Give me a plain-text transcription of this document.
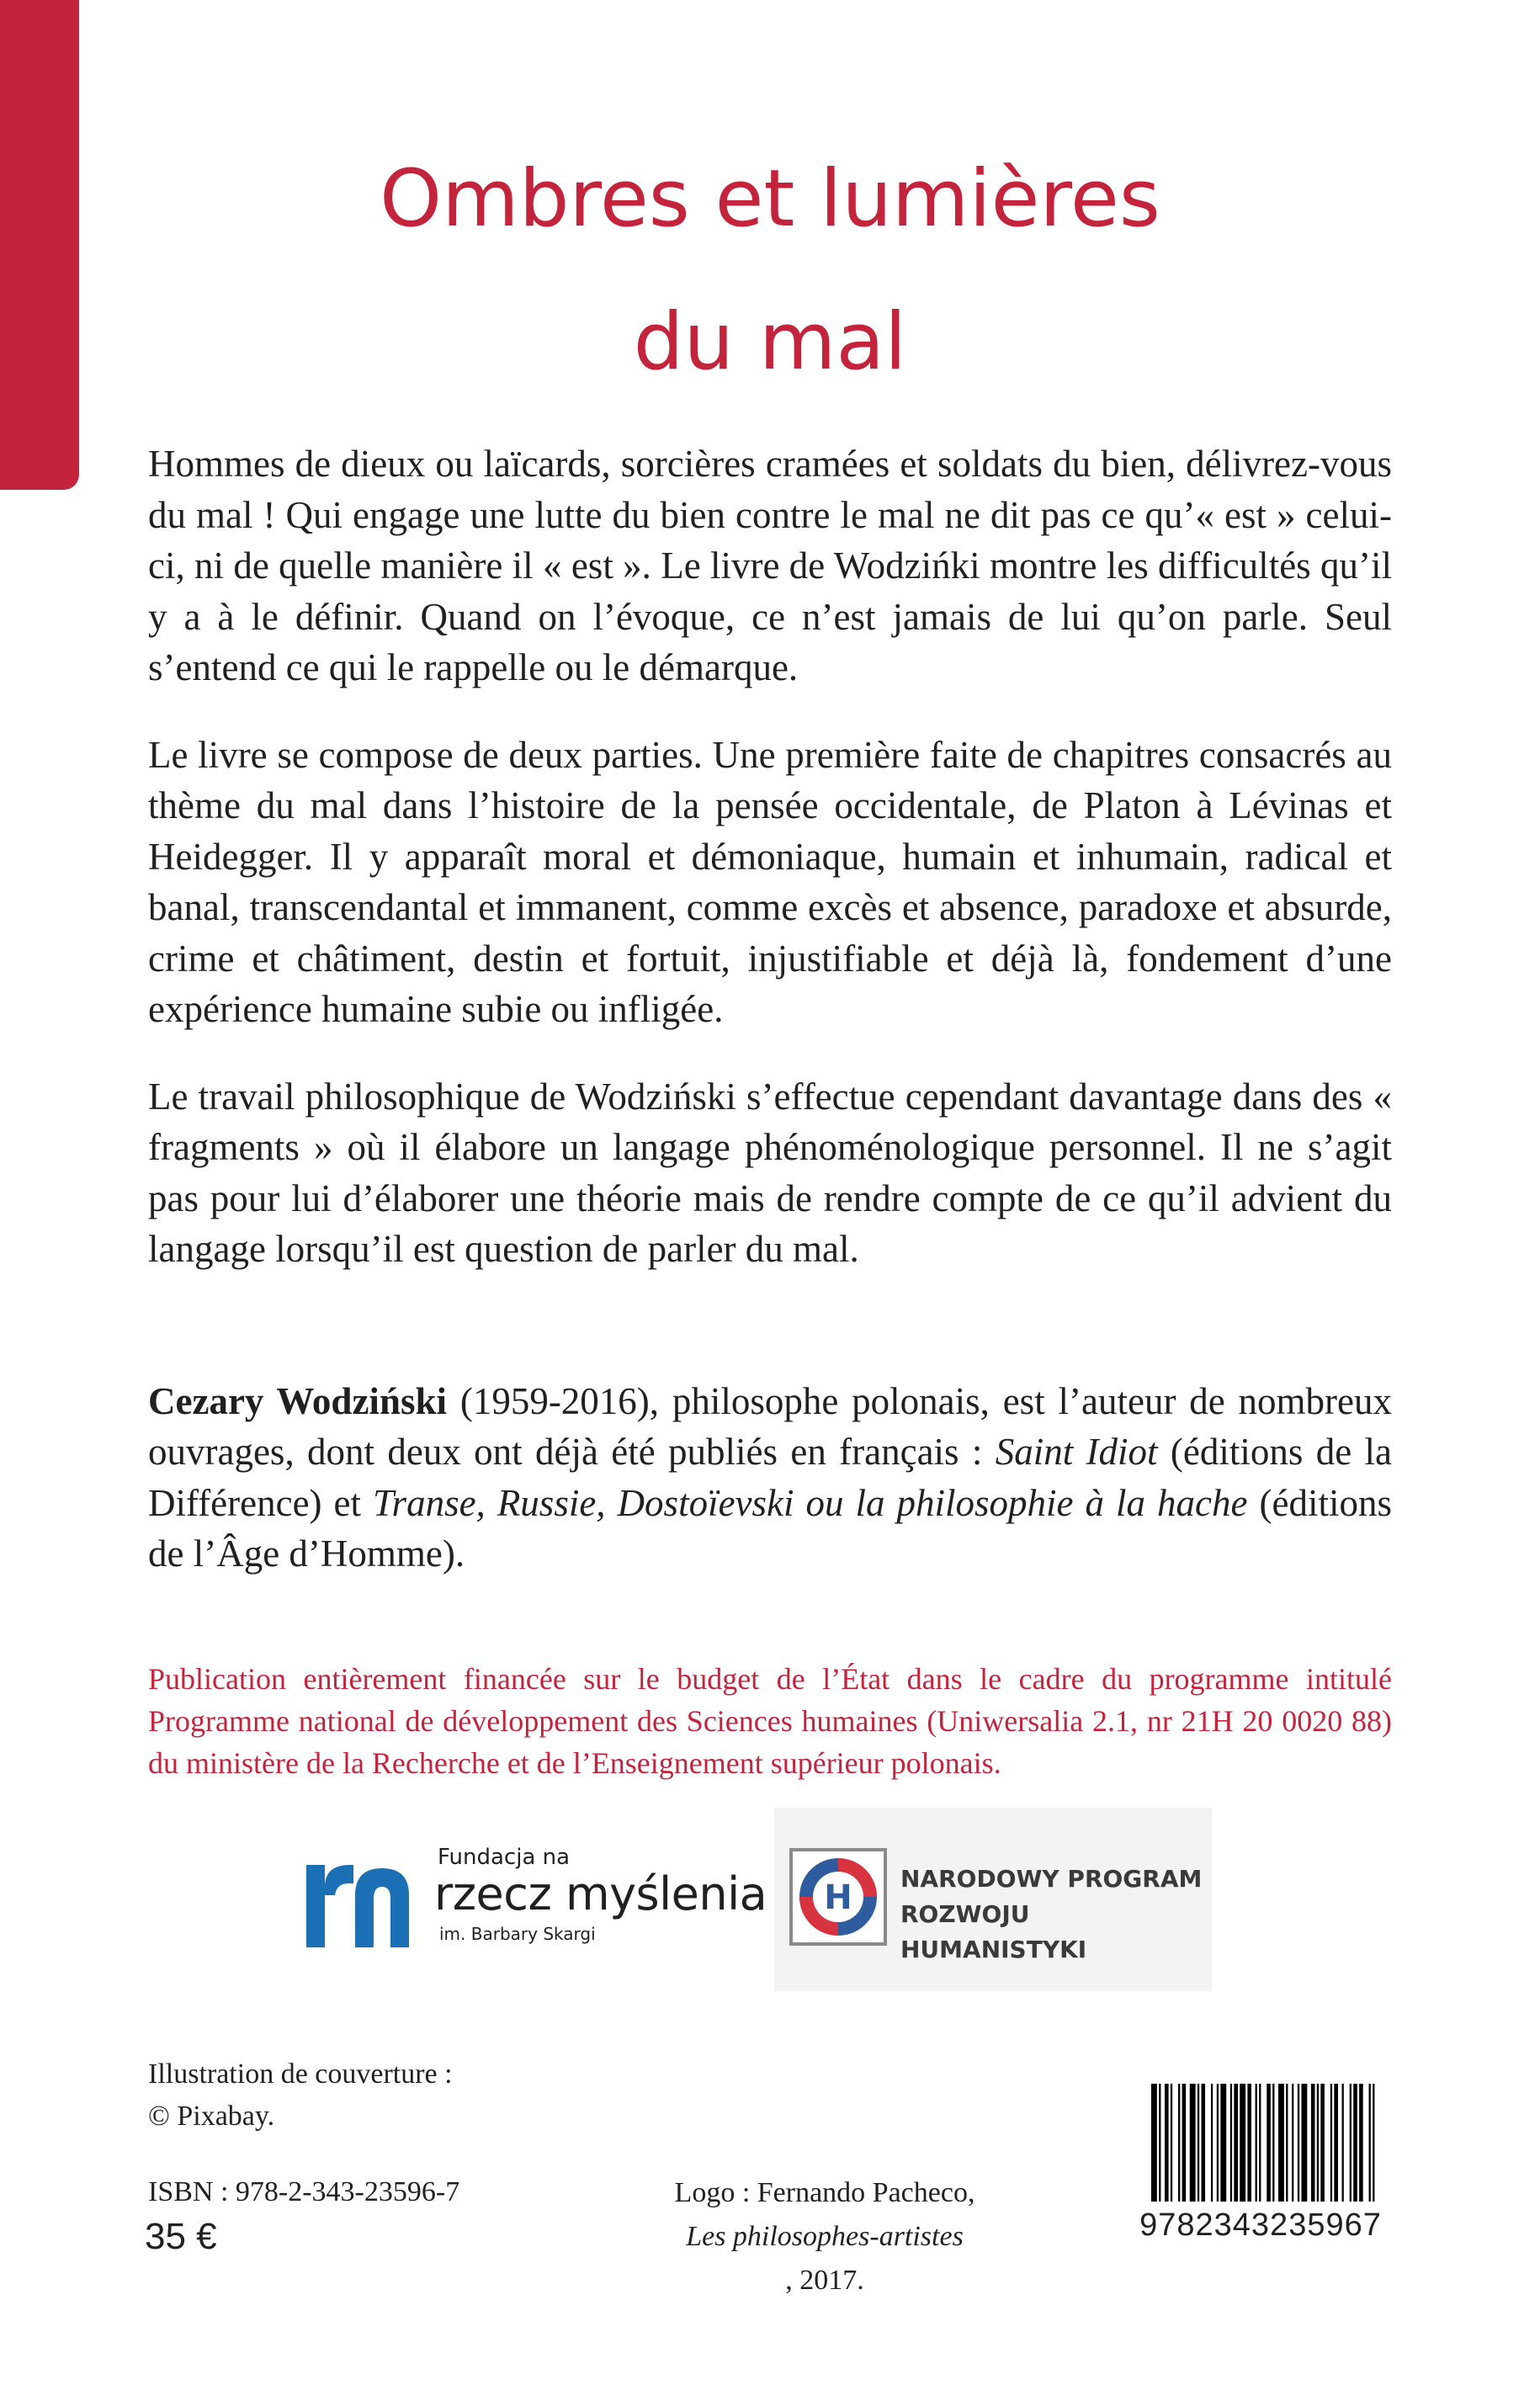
Ombres et lumières
du mal

Hommes de dieux ou laïcards, sorcières cramées et soldats du bien, délivrez-vous du mal ! Qui engage une lutte du bien contre le mal ne dit pas ce qu’« est » celui-ci, ni de quelle manière il « est ». Le livre de Wodzińki montre les difficultés qu’il y a à le définir. Quand on l’évoque, ce n’est jamais de lui qu’on parle. Seul s’entend ce qui le rappelle ou le démarque.

Le livre se compose de deux parties. Une première faite de chapitres consacrés au thème du mal dans l’histoire de la pensée occidentale, de Platon à Lévinas et Heidegger. Il y apparaît moral et démoniaque, humain et inhumain, radical et banal, transcendantal et immanent, comme excès et absence, paradoxe et absurde, crime et châtiment, destin et fortuit, injustifiable et déjà là, fondement d’une expérience humaine subie ou infligée.

Le travail philosophique de Wodziński s’effectue cependant davantage dans des « fragments » où il élabore un langage phénoménologique personnel. Il ne s’agit pas pour lui d’élaborer une théorie mais de rendre compte de ce qu’il advient du langage lorsqu’il est question de parler du mal.

Cezary Wodziński (1959-2016), philosophe polonais, est l’auteur de nombreux ouvrages, dont deux ont déjà été publiés en français : Saint Idiot (éditions de la Différence) et Transe, Russie, Dostoïevski ou la philosophie à la hache (éditions de l’Âge d’Homme).

Publication entièrement financée sur le budget de l’État dans le cadre du programme intitulé Programme national de développement des Sciences humaines (Uniwersalia 2.1, nr 21H 20 0020 88) du ministère de la Recherche et de l’Enseignement supérieur polonais.

Fundacja na
rzecz myślenia
im. Barbary Skargi
H NARODOWY PROGRAM
ROZWOJU HUMANISTYKI
Illustration de couverture :
© Pixabay.
ISBN : 978-2-343-23596-7
35 €
Logo : Fernando Pacheco,
Les philosophes-artistes
, 2017.
9782343235967
